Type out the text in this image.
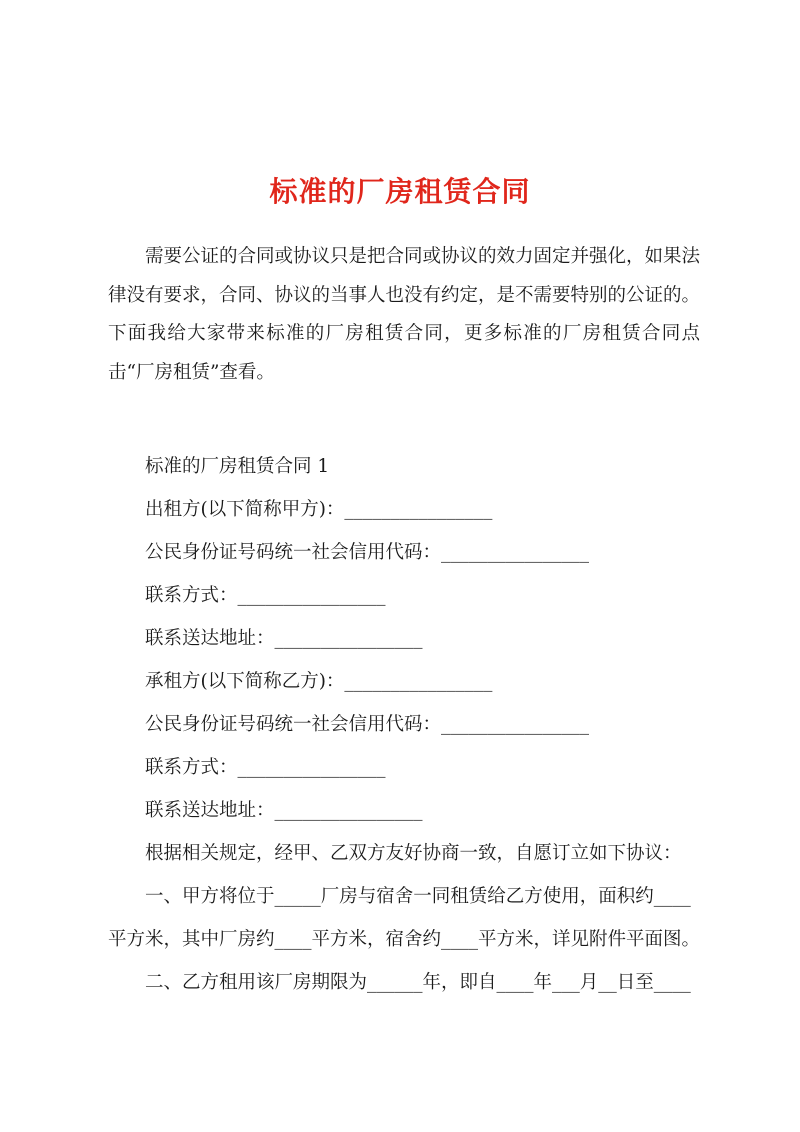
标准的厂房租赁合同
需要公证的合同或协议只是把合同或协议的效力固定并强化，如果法律没有要求，合同、协议的当事人也没有约定，是不需要特别的公证的。下面我给大家带来标准的厂房租赁合同，更多标准的厂房租赁合同点击“厂房租赁”查看。
标准的厂房租赁合同 1
出租方(以下简称甲方)：________________
公民身份证号码统一社会信用代码：________________
联系方式：________________
联系送达地址：________________
承租方(以下简称乙方)：________________
公民身份证号码统一社会信用代码：________________
联系方式：________________
联系送达地址：________________
根据相关规定，经甲、乙双方友好协商一致，自愿订立如下协议：
一、甲方将位于_____厂房与宿舍一同租赁给乙方使用，面积约____
平方米，其中厂房约____平方米，宿舍约____平方米，详见附件平面图。
二、乙方租用该厂房期限为______年，即自____年___月__日至____
